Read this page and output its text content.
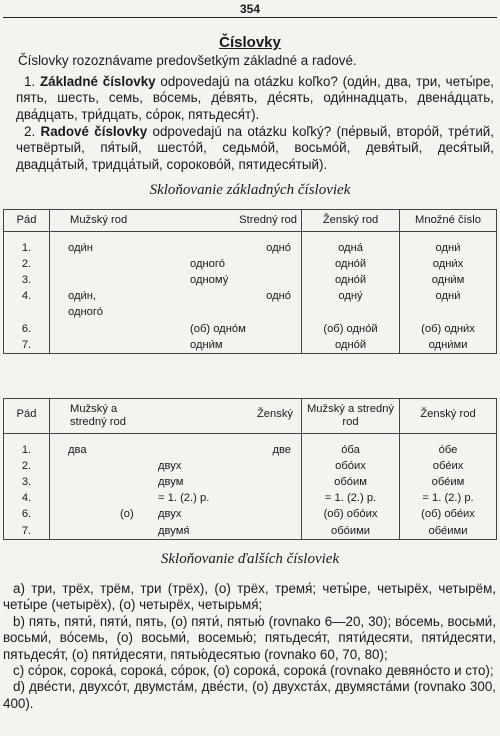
354
Číslovky
Číslovky rozoznávame predovšetkým základné a radové.
1. Základné číslovky odpovedajú na otázku koľko? (оди́н, два, три, четы́ре, пять, шесть, семь, во́семь, де́вять, де́сять, оди́ннадцать, двена́дцать, два́дцать, три́дцать, со́рок, пятьдеся́т).
2. Radové číslovky odpovedajú na otázku koľký? (пе́рвый, второ́й, тре́тий, четвёртый, пя́тый, шесто́й, седьмо́й, восьмо́й, девя́тый, деся́тый, двадца́тый, тридца́тый, сороково́й, пятидеся́тый).
Skloňovanie základných čísloviek
Pád	Mužský rod	Stredný rod	Ženský rod	Množné číslo

1.	оди́н	одно́	одна́	одни́
2.	одного́		одно́й	одни́х
3.	одному́		одно́й	одни́м
4.	оди́н,	одно́	одну́	одни́
	одного́

6.	(об) одно́м		(об) одно́й	(об) одни́х
7.	одни́м		одно́й	одни́ми
Pád	Mužský a stredný rod	Ženský	Mužský a stredný rod	Ženský rod

1.	два	две	о́ба	о́бе
2.	двух		обо́их	обе́их
3.	двум		обо́им	обе́им
4.	= 1. (2.) р.		= 1. (2.) р.	= 1. (2.) р.
6.	(о) двух		(об) обо́их	(об) обе́их
7.	двумя́		обо́ими	обе́ими
Skloňovanie ďalších čísloviek
a) три, трёх, трём, три (трёх), (о) трёх, тремя́; четы́ре, четырёх, четырём, четы́ре (четырёх), (о) четырёх, четырьмя́;
b) пять, пяти́, пяти́, пять, (о) пяти́, пятью́ (rovnako 6—20, 30); во́семь, восьми́, восьми́, во́семь, (о) восьми́, восемью́; пятьдеся́т, пяти́десяти, пяти́десяти, пятьдеся́т, (о) пяти́десяти, пятью́десятью (rovnako 60, 70, 80);
c) со́рок, сорока́, сорока́, со́рок, (о) сорока́, сорока́ (rovnako девяно́сто и сто);
d) две́сти, двухсо́т, двумста́м, две́сти, (о) двухста́х, двумяста́ми (rovnako 300, 400).
